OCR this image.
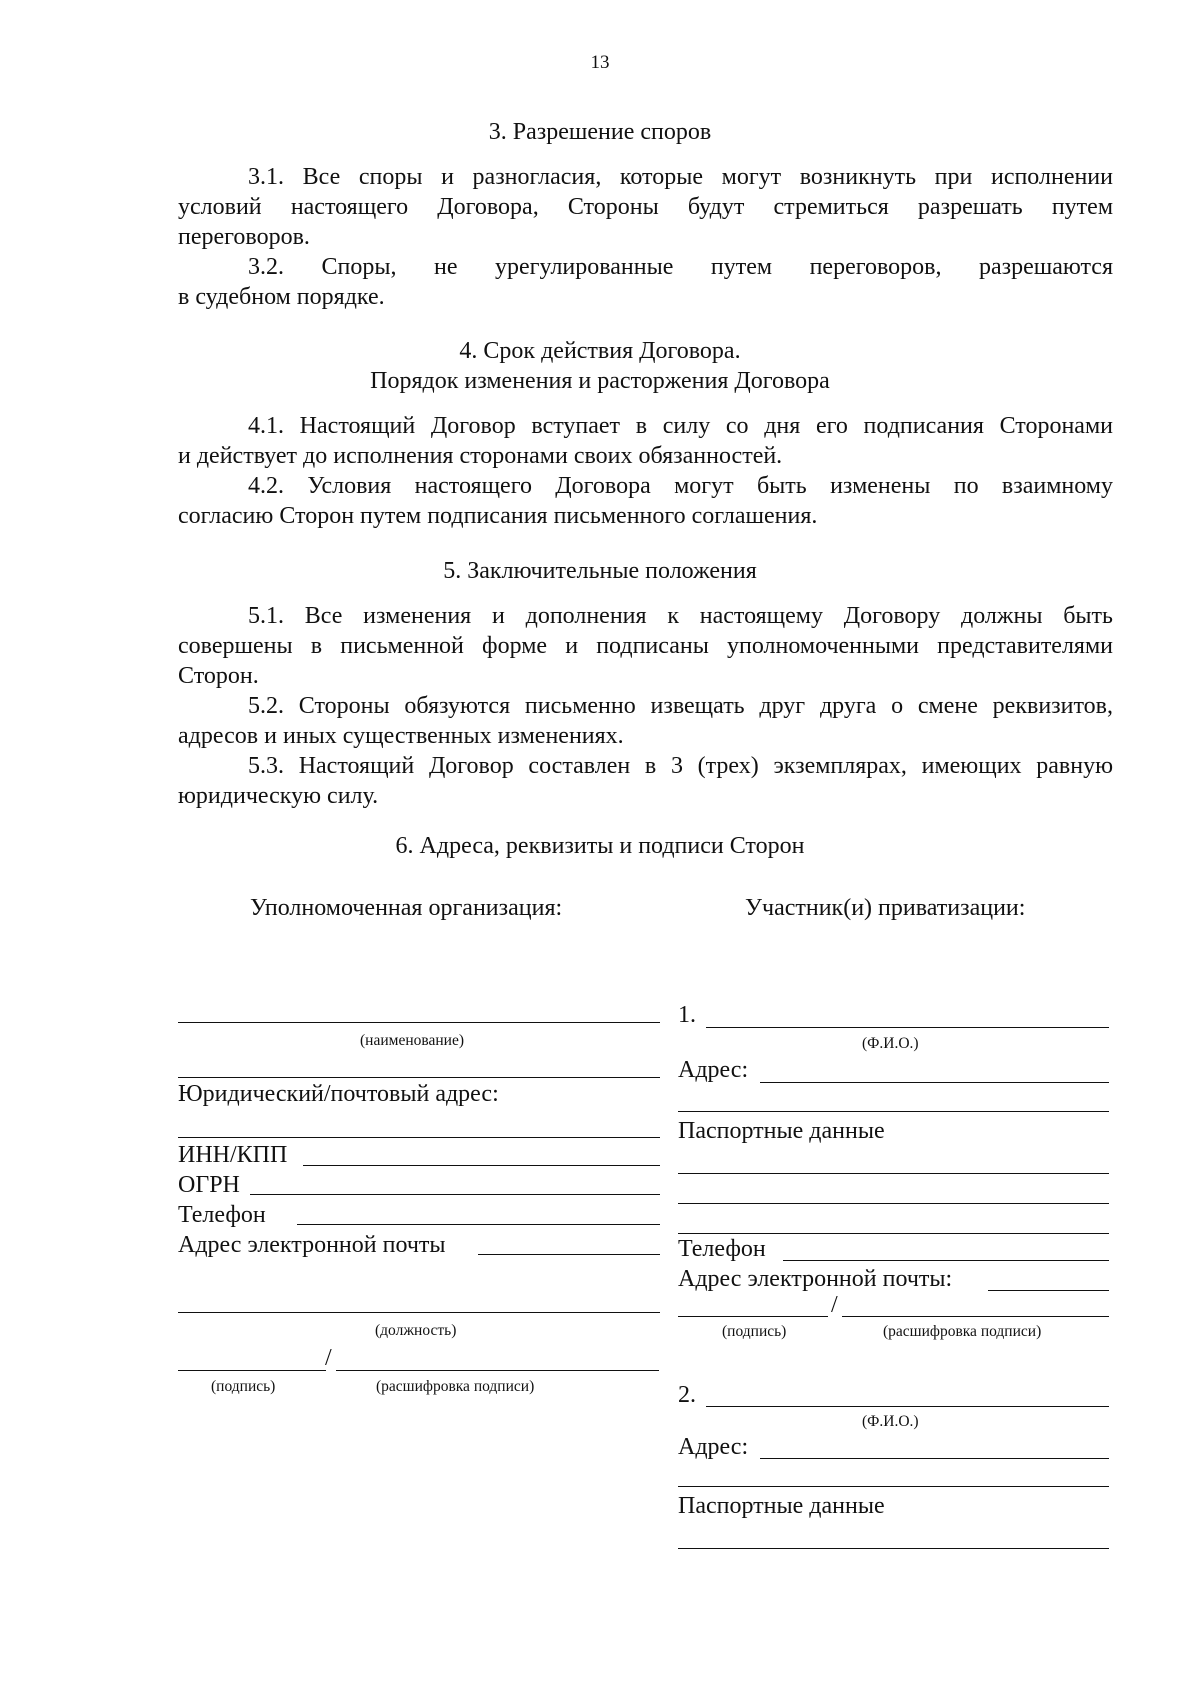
13
3. Разрешение споров
3.1. Все споры и разногласия, которые могут возникнуть при исполнении
условий настоящего Договора, Стороны будут стремиться разрешать путем
переговоров.
3.2. Споры, не урегулированные путем переговоров, разрешаются
в судебном порядке.
4. Срок действия Договора.
Порядок изменения и расторжения Договора
4.1. Настоящий Договор вступает в силу со дня его подписания Сторонами
и действует до исполнения сторонами своих обязанностей.
4.2. Условия настоящего Договора могут быть изменены по взаимному
согласию Сторон путем подписания письменного соглашения.
5. Заключительные положения
5.1. Все изменения и дополнения к настоящему Договору должны быть
совершены в письменной форме и подписаны уполномоченными представителями
Сторон.
5.2. Стороны обязуются письменно извещать друг друга о смене реквизитов,
адресов и иных существенных изменениях.
5.3. Настоящий Договор составлен в 3 (трех) экземплярах, имеющих равную
юридическую силу.
6. Адреса, реквизиты и подписи Сторон
Уполномоченная организация:
(наименование)
Юридический/почтовый адрес:
ИНН/КПП
ОГРН
Телефон
Адрес электронной почты
(должность)
/
(подпись)	(расшифровка подписи)
Участник(и) приватизации:
1.
(Ф.И.О.)
Адрес:
Паспортные данные
Телефон
Адрес электронной почты:
/
(подпись)	(расшифровка подписи)
2.
(Ф.И.О.)
Адрес:
Паспортные данные
